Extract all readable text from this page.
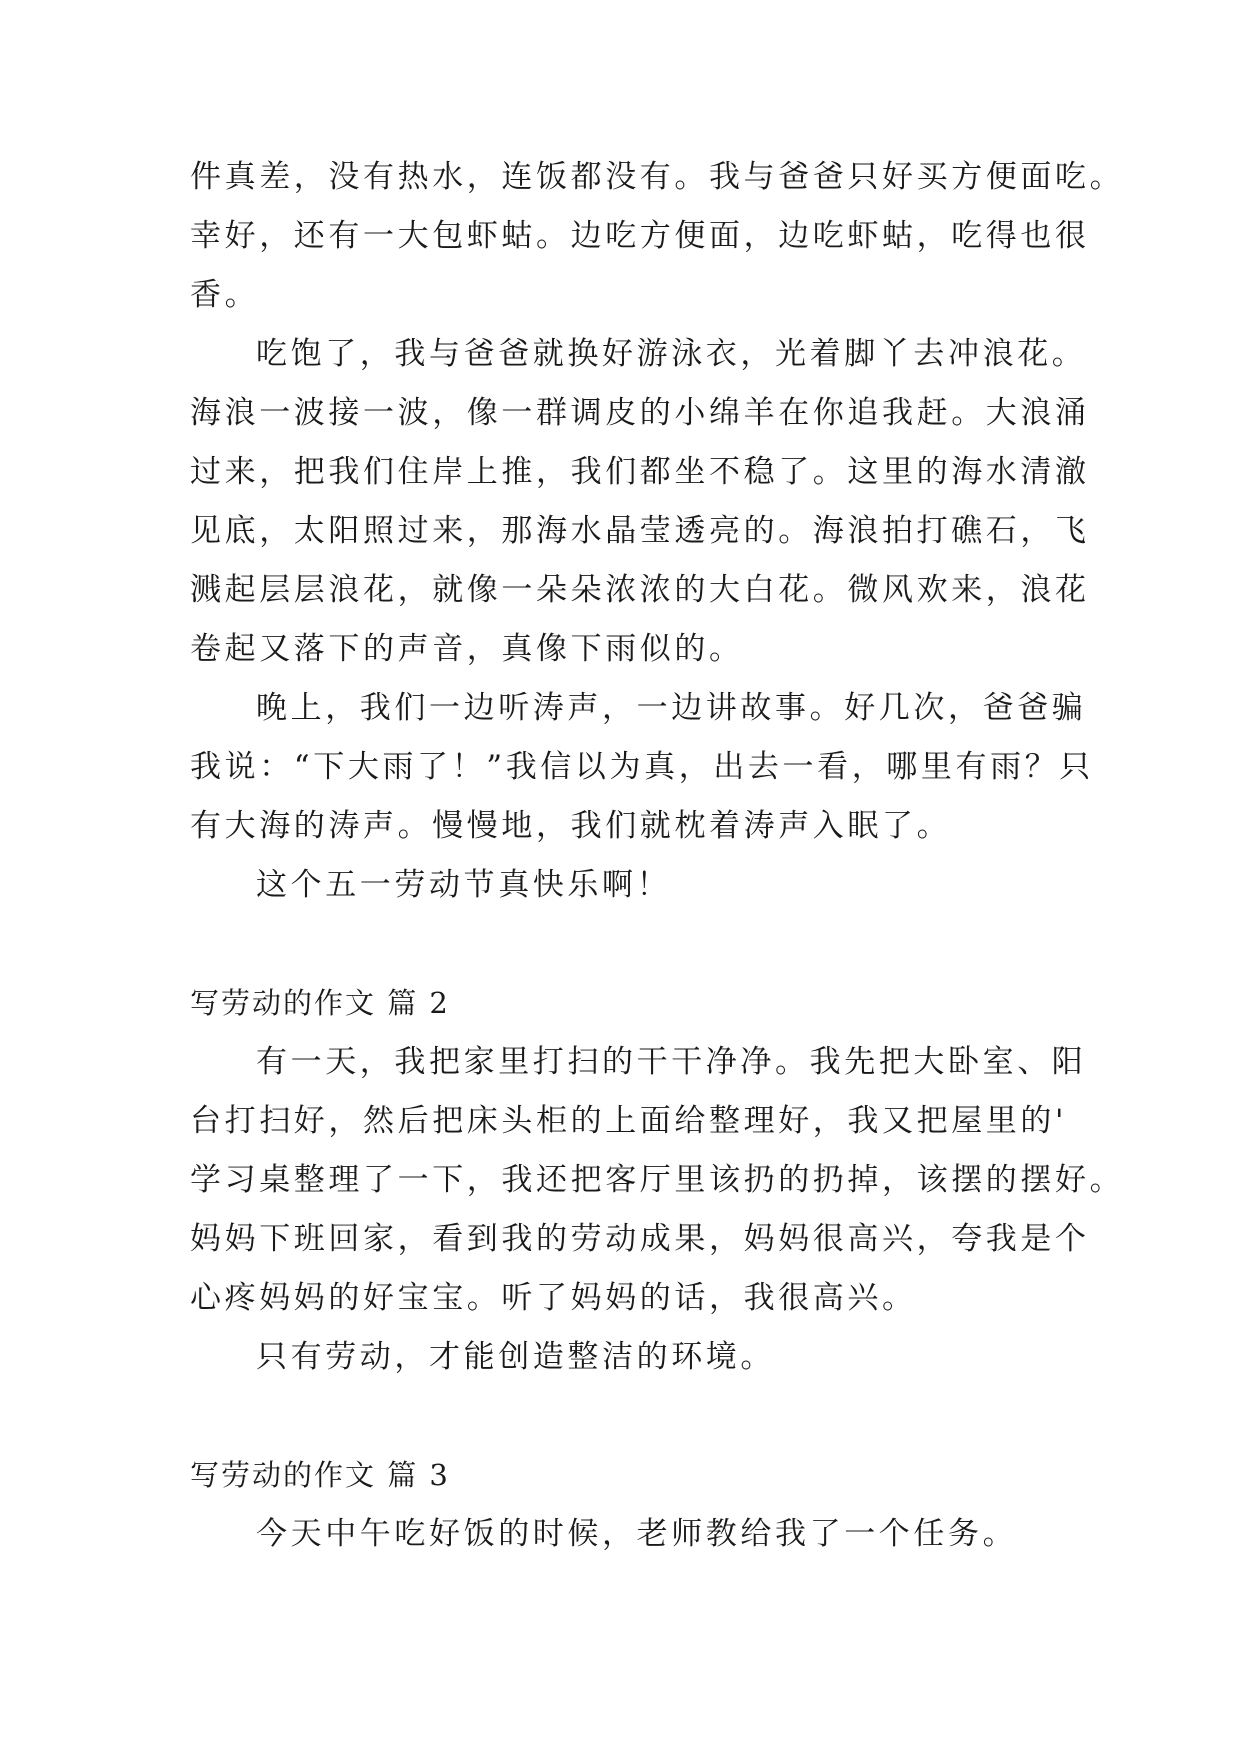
件真差，没有热水，连饭都没有。我与爸爸只好买方便面吃。
幸好，还有一大包虾蛄。边吃方便面，边吃虾蛄，吃得也很
香。
吃饱了，我与爸爸就换好游泳衣，光着脚丫去冲浪花。
海浪一波接一波，像一群调皮的小绵羊在你追我赶。大浪涌
过来，把我们住岸上推，我们都坐不稳了。这里的海水清澈
见底，太阳照过来，那海水晶莹透亮的。海浪拍打礁石，飞
溅起层层浪花，就像一朵朵浓浓的大白花。微风欢来，浪花
卷起又落下的声音，真像下雨似的。
晚上，我们一边听涛声，一边讲故事。好几次，爸爸骗
我说：“下大雨了！”我信以为真，出去一看，哪里有雨？只
有大海的涛声。慢慢地，我们就枕着涛声入眠了。
这个五一劳动节真快乐啊！
写劳动的作文 篇 2
有一天，我把家里打扫的干干净净。我先把大卧室、阳
台打扫好，然后把床头柜的上面给整理好，我又把屋里的'
学习桌整理了一下，我还把客厅里该扔的扔掉，该摆的摆好。
妈妈下班回家，看到我的劳动成果，妈妈很高兴，夸我是个
心疼妈妈的好宝宝。听了妈妈的话，我很高兴。
只有劳动，才能创造整洁的环境。
写劳动的作文 篇 3
今天中午吃好饭的时候，老师教给我了一个任务。
